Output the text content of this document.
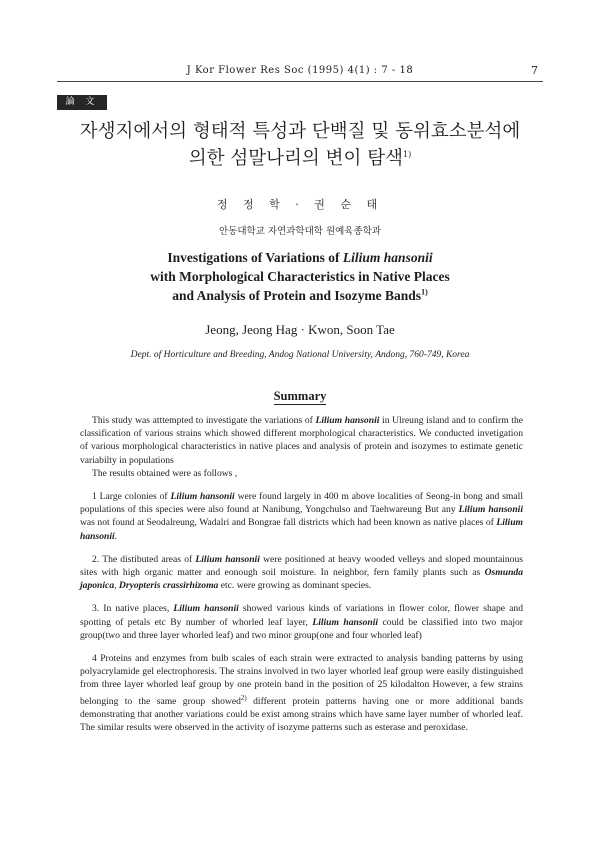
J Kor Flower Res Soc (1995) 4(1) : 7 - 18	7
論 文
자생지에서의 형태적 특성과 단백질 및 동위효소분석에
의한 섬말나리의 변이 탐색$^{1)}$
정 정 학 · 권 순 태
안동대학교 자연과학대학 원예육종학과
Investigations of Variations of Lilium hansonii
with Morphological Characteristics in Native Places
and Analysis of Protein and Isozyme Bands$^{1)}$
Jeong, Jeong Hag · Kwon, Soon Tae
Dept. of Horticulture and Breeding, Andog National University, Andong, 760-749, Korea
Summary

This study was atttempted to investigate the variations of Lilium hansonii in Ulreung island and to confirm the classification of various strains which showed different morphological characteristics. We conducted invetigation of various morphological characteristics in native places and analysis of protein and isozymes to estimate genetic variabilty in populations

The results obtained were as follows ,

1 Large colonies of Lilium hansonii were found largely in 400 m above localities of Seong-in bong and small populations of this species were also found at Nanibung, Yongchulso and Taehwareung But any Lilium hansonii was not found at Seodalreung, Wadalri and Bongrae fall districts which had been known as native places of Lilium hansonii.

2. The distibuted areas of Lilium hansonii were positioned at heavy wooded velleys and sloped mountainous sites with high organic matter and eonough soil moisture. In neighbor, fern family plants such as Osmunda japonica, Dryopteris crassirhizoma etc. were growing as dominant species.

3. In native places, Lilium hansonii showed various kinds of variations in flower color, flower shape and spotting of petals etc By number of whorled leaf layer, Lilium hansonii could be classified into two major group(two and three layer whorled leaf) and two minor group(one and four whorled leaf)

4 Proteins and enzymes from bulb scales of each strain were extracted to analysis banding patterns by using polyacrylamide gel electrophoresis. The strains involved in two layer whorled leaf group were easily distinguished from three layer whorled leaf group by one protein band in the position of 25 kilodalton However, a few strains belonging to the same group showed$^{2)}$ different protein patterns having one or more additional bands demonstrating that another variations could be exist among strains which have same layer number of whorled leaf. The similar results were observed in the activity of isozyme patterns such as esterase and peroxidase.
